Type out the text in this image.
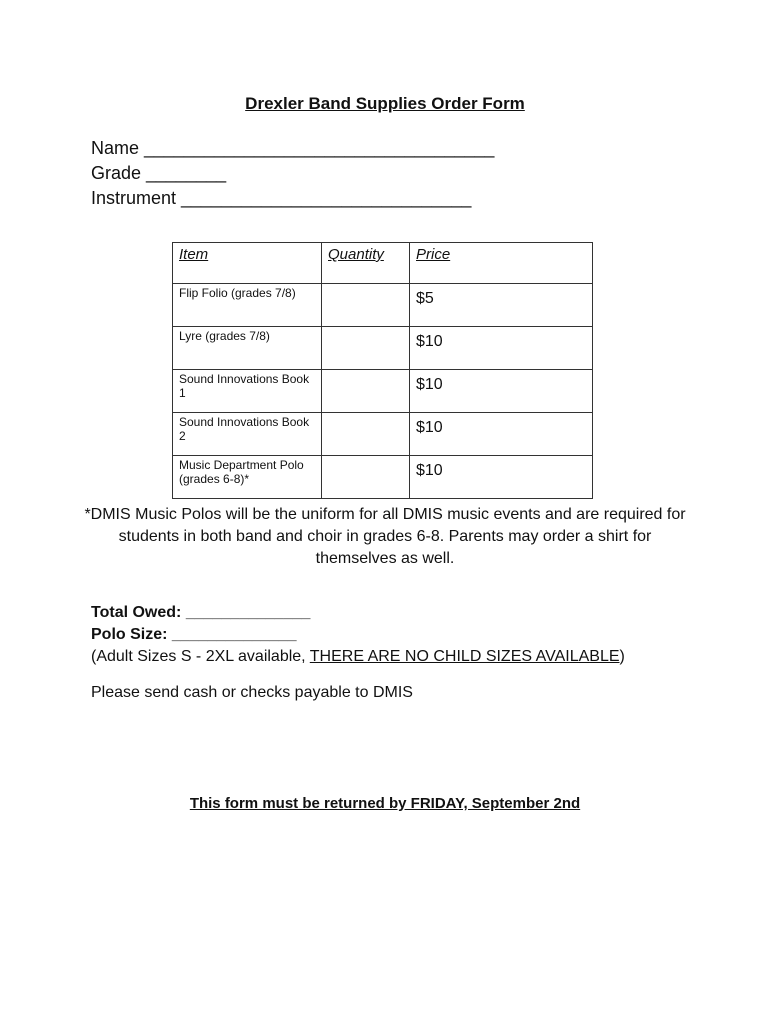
Drexler Band Supplies Order Form
Name ___________________________________
Grade ________
Instrument _____________________________
Item	Quantity	Price
Flip Folio (grades 7/8)		$5
Lyre (grades 7/8)		$10
Sound Innovations Book 1		$10
Sound Innovations Book 2		$10
Music Department Polo (grades 6-8)*		$10
*DMIS Music Polos will be the uniform for all DMIS music events and are required for students in both band and choir in grades 6-8. Parents may order a shirt for themselves as well.
Total Owed: ______________
Polo Size: ______________
(Adult Sizes S - 2XL available, THERE ARE NO CHILD SIZES AVAILABLE)
Please send cash or checks payable to DMIS
This form must be returned by FRIDAY, September 2nd
